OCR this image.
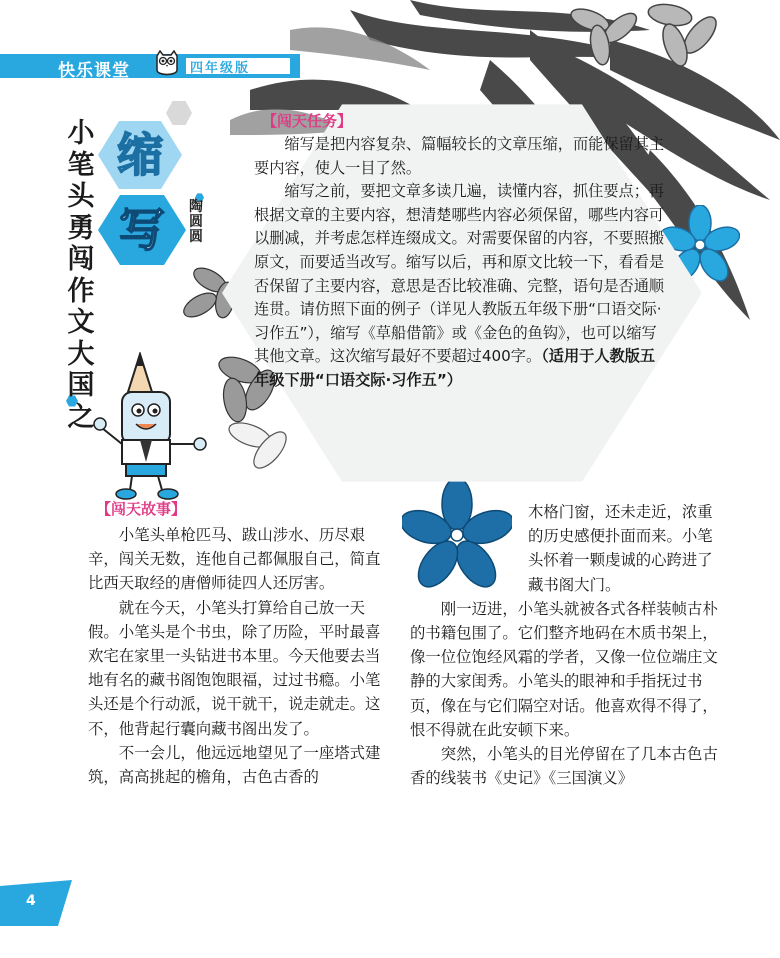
快乐课堂	四年级版
缩
写
小
笔
头
勇
闯
作
文
大
国
之
陶
圆
圆
【闯天任务】

缩写是把内容复杂、篇幅较长的文章压缩，而能保留其主要内容，使人一目了然。

缩写之前，要把文章多读几遍，读懂内容，抓住要点；再根据文章的主要内容，想清楚哪些内容必须保留，哪些内容可以删减，并考虑怎样连缀成文。对需要保留的内容，不要照搬原文，而要适当改写。缩写以后，再和原文比较一下，看看是否保留了主要内容，意思是否比较准确、完整，语句是否通顺连贯。请仿照下面的例子（详见人教版五年级下册“口语交际·习作五”），缩写《草船借箭》或《金色的鱼钩》，也可以缩写其他文章。这次缩写最好不要超过400字。（适用于人教版五年级下册“口语交际·习作五”）

【闯天故事】

小笔头单枪匹马、跋山涉水、历尽艰辛，闯关无数，连他自己都佩服自己，简直比西天取经的唐僧师徒四人还厉害。

就在今天，小笔头打算给自己放一天假。小笔头是个书虫，除了历险，平时最喜欢宅在家里一头钻进书本里。今天他要去当地有名的藏书阁饱饱眼福，过过书瘾。小笔头还是个行动派，说干就干，说走就走。这不，他背起行囊向藏书阁出发了。

不一会儿，他远远地望见了一座塔式建筑，高高挑起的檐角，古色古香的

木格门窗，还未走近，浓重的历史感便扑面而来。小笔头怀着一颗虔诚的心跨进了藏书阁大门。

刚一迈进，小笔头就被各式各样装帧古朴的书籍包围了。它们整齐地码在木质书架上，像一位位饱经风霜的学者，又像一位位端庄文静的大家闺秀。小笔头的眼神和手指抚过书页，像在与它们隔空对话。他喜欢得不得了，恨不得就在此安顿下来。

突然，小笔头的目光停留在了几本古色古香的线装书《史记》《三国演义》

4
